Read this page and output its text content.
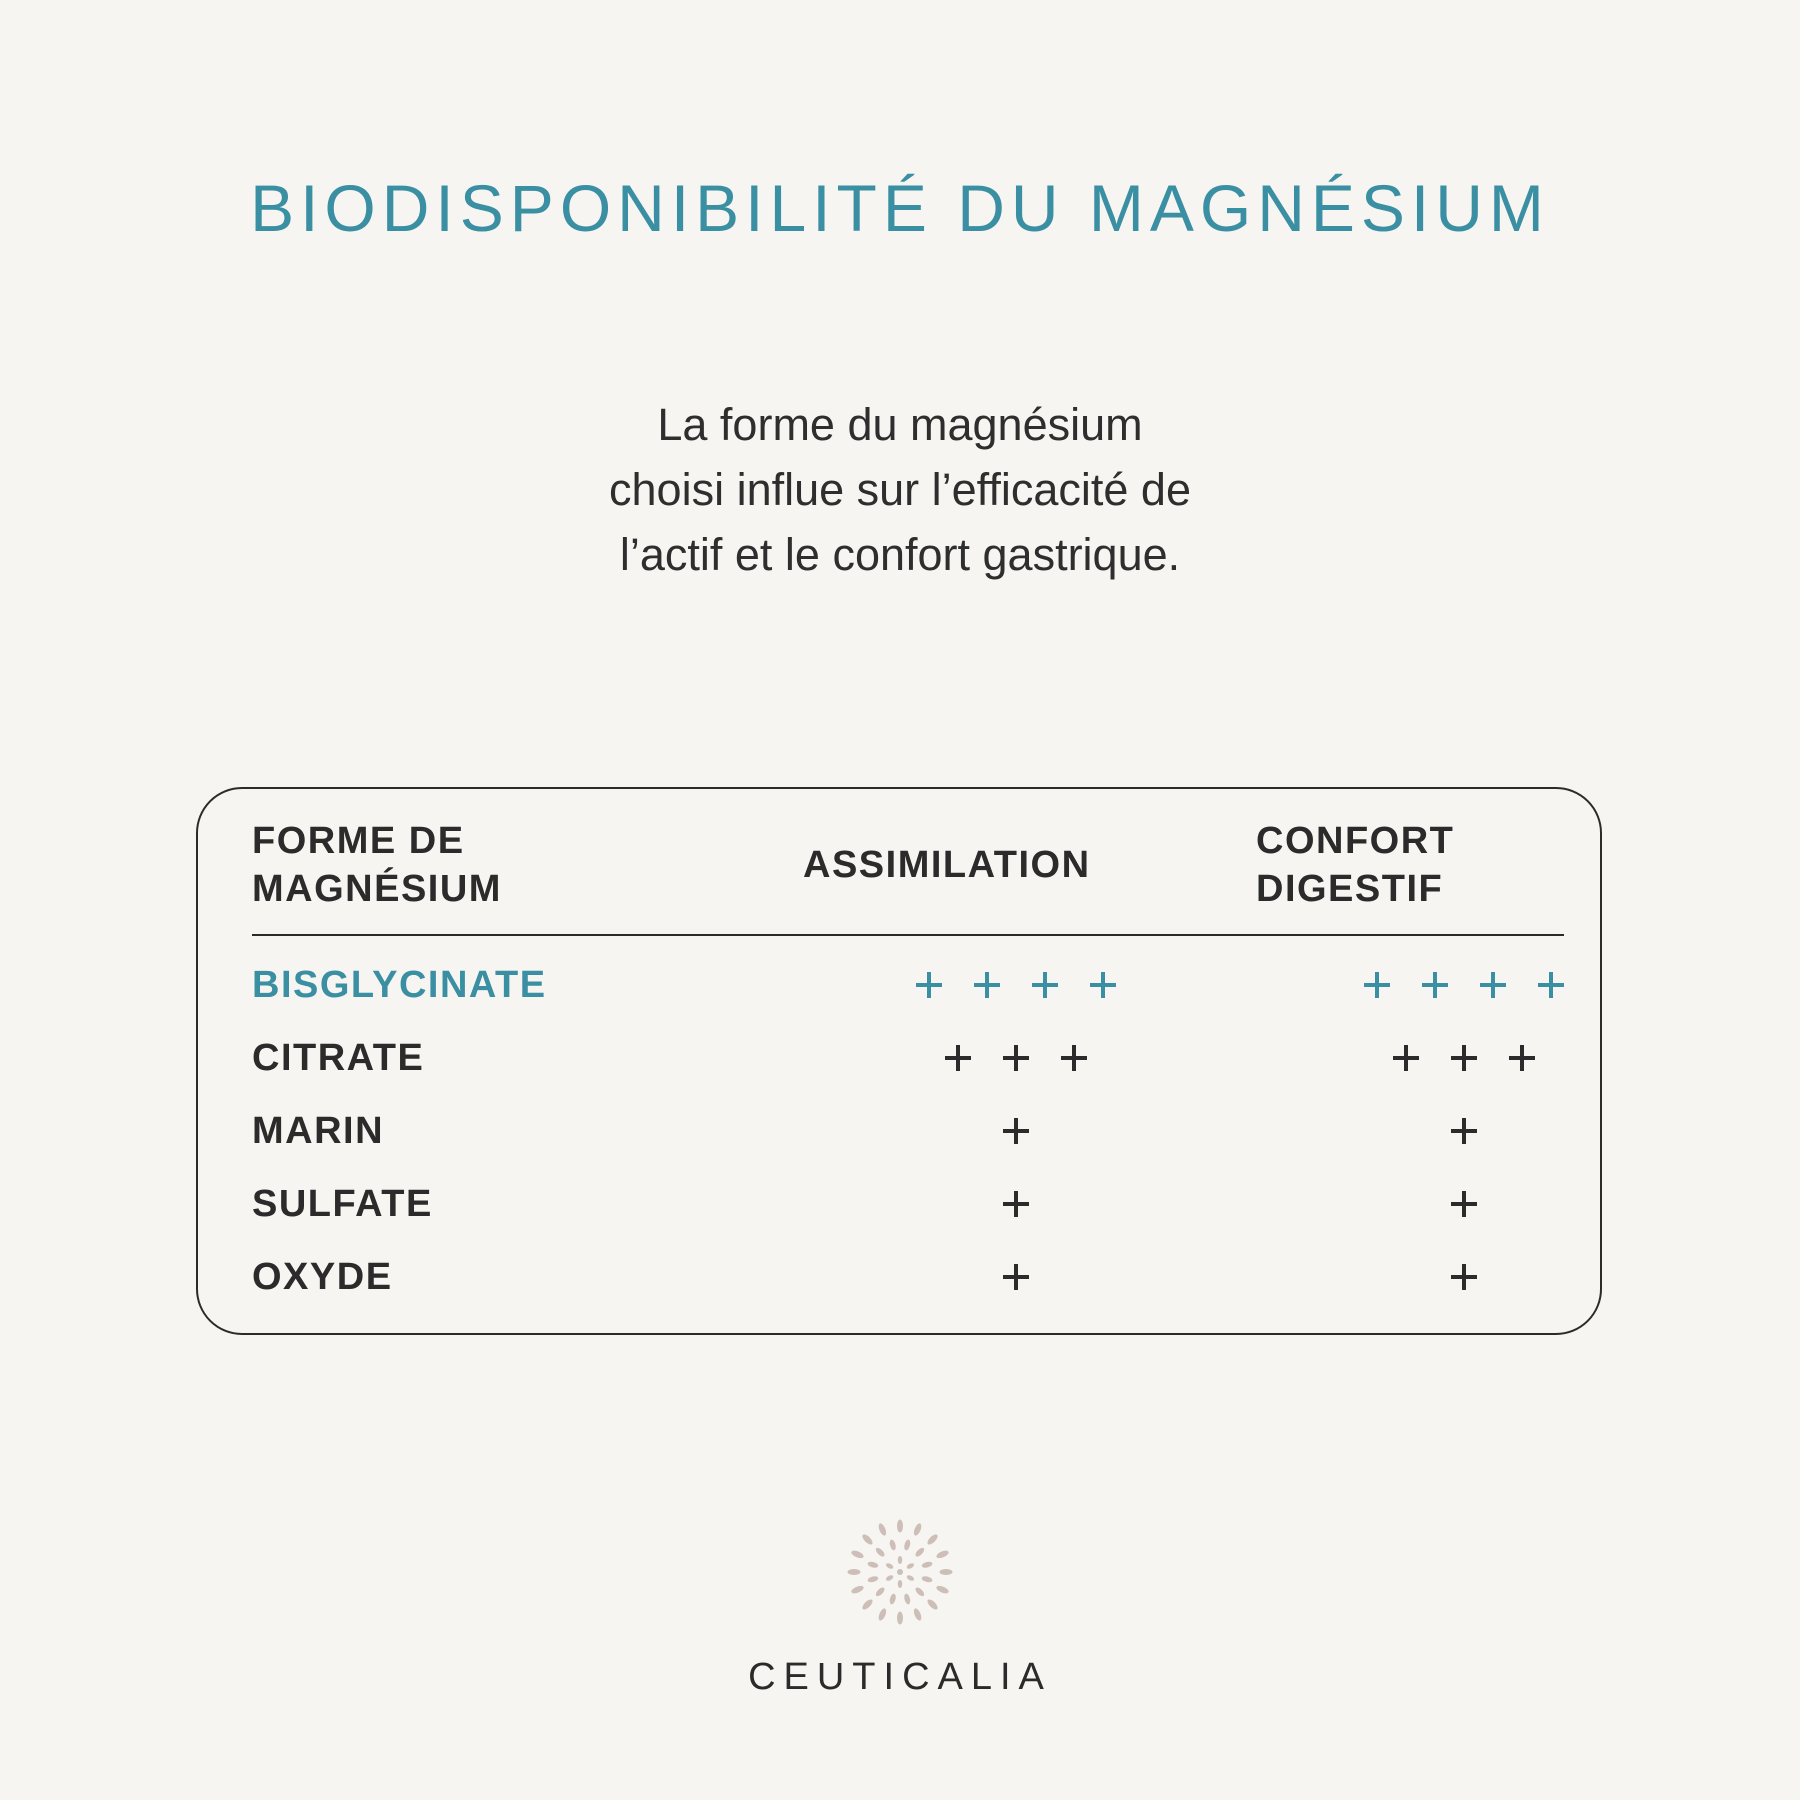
BIODISPONIBILITÉ DU MAGNÉSIUM
La forme du magnésium
choisi influe sur l’efficacité de
l’actif et le confort gastrique.
FORME DE
MAGNÉSIUM
ASSIMILATION
CONFORT
DIGESTIF
BISGLYCINATE
CITRATE
MARIN
SULFATE
OXYDE
CEUTICALIA
